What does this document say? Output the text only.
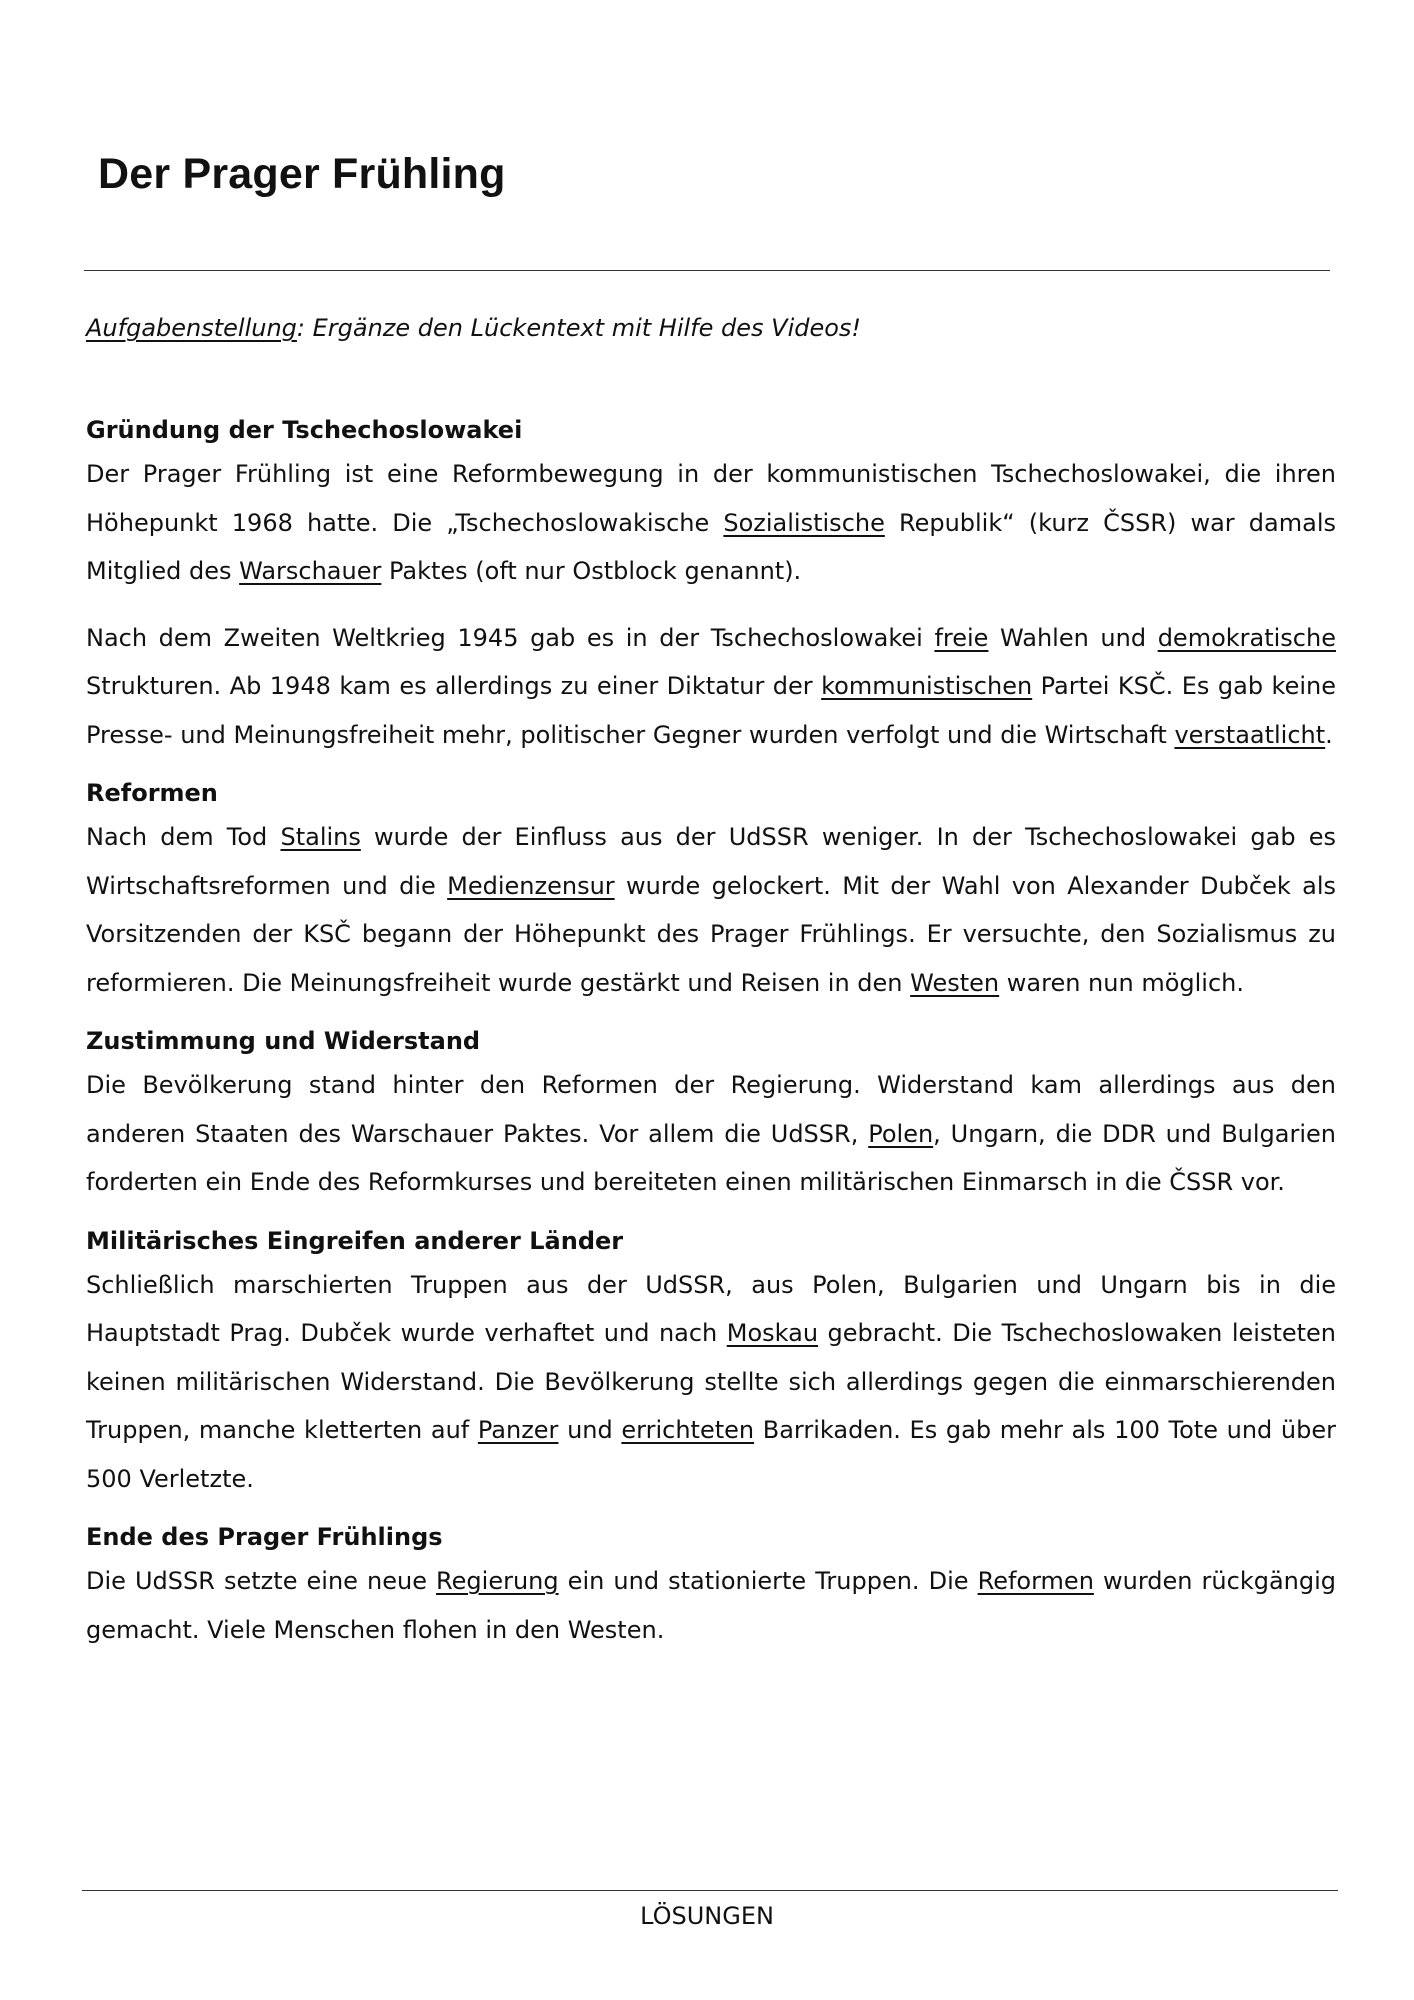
Der Prager Frühling

Aufgabenstellung: Ergänze den Lückentext mit Hilfe des Videos!

Gründung der Tschechoslowakei

Der Prager Frühling ist eine Reformbewegung in der kommunistischen Tschechoslowakei, die ihren Höhepunkt 1968 hatte. Die „Tschechoslowakische Sozialistische Republik“ (kurz ČSSR) war damals Mitglied des Warschauer Paktes (oft nur Ostblock genannt).

Nach dem Zweiten Weltkrieg 1945 gab es in der Tschechoslowakei freie Wahlen und demokratische Strukturen. Ab 1948 kam es allerdings zu einer Diktatur der kommunistischen Partei KSČ. Es gab keine Presse- und Meinungsfreiheit mehr, politischer Gegner wurden verfolgt und die Wirtschaft verstaatlicht.

Reformen

Nach dem Tod Stalins wurde der Einfluss aus der UdSSR weniger. In der Tschechoslowakei gab es Wirtschaftsreformen und die Medienzensur wurde gelockert. Mit der Wahl von Alexander Dubček als Vorsitzenden der KSČ begann der Höhepunkt des Prager Frühlings. Er versuchte, den Sozialismus zu reformieren. Die Meinungsfreiheit wurde gestärkt und Reisen in den Westen waren nun möglich.

Zustimmung und Widerstand

Die Bevölkerung stand hinter den Reformen der Regierung. Widerstand kam allerdings aus den anderen Staaten des Warschauer Paktes. Vor allem die UdSSR, Polen, Ungarn, die DDR und Bulgarien forderten ein Ende des Reformkurses und bereiteten einen militärischen Einmarsch in die ČSSR vor.

Militärisches Eingreifen anderer Länder

Schließlich marschierten Truppen aus der UdSSR, aus Polen, Bulgarien und Ungarn bis in die Hauptstadt Prag. Dubček wurde verhaftet und nach Moskau gebracht. Die Tschechoslowaken leisteten keinen militärischen Widerstand. Die Bevölkerung stellte sich allerdings gegen die einmarschierenden Truppen, manche kletterten auf Panzer und errichteten Barrikaden. Es gab mehr als 100 Tote und über 500 Verletzte.

Ende des Prager Frühlings

Die UdSSR setzte eine neue Regierung ein und stationierte Truppen. Die Reformen wurden rückgängig gemacht. Viele Menschen flohen in den Westen.

LÖSUNGEN
